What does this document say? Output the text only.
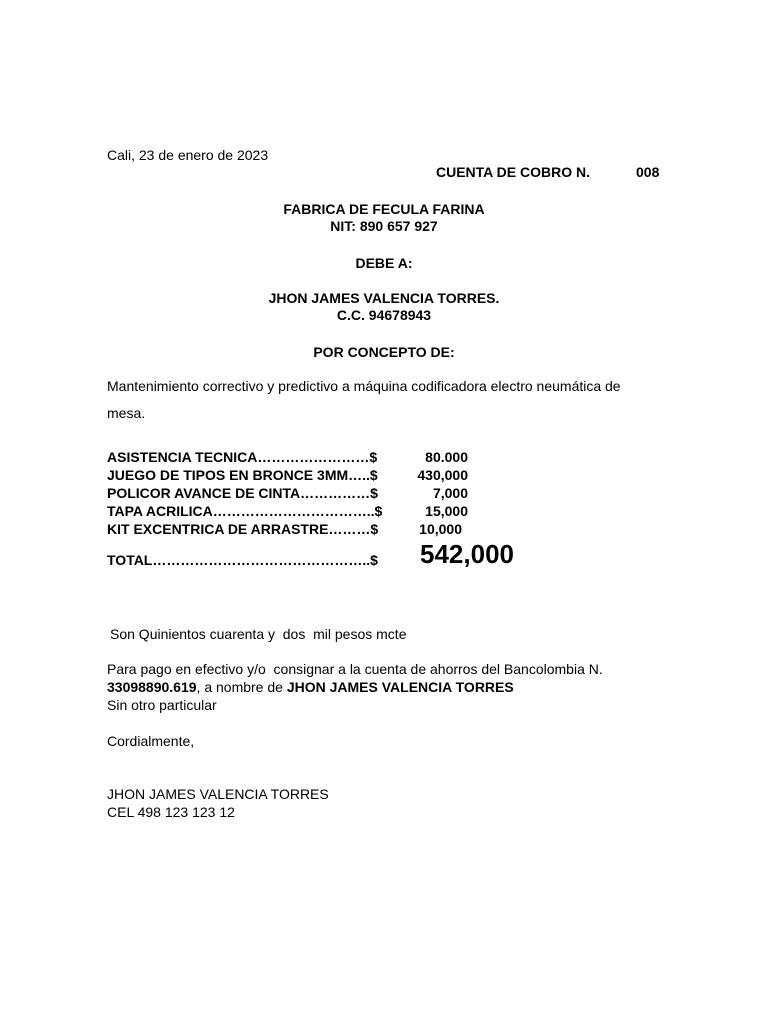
Cali, 23 de enero de 2023
CUENTA DE COBRO N.	008
FABRICA DE FECULA FARINA
NIT: 890 657 927
DEBE A:
JHON JAMES VALENCIA TORRES.
C.C. 94678943
POR CONCEPTO DE:
Mantenimiento correctivo y predictivo a máquina codificadora electro neumática de
mesa.
ASISTENCIA TECNICA……………………$	80.000
JUEGO DE TIPOS EN BRONCE 3MM…..$	430,000
POLICOR AVANCE DE CINTA……………$	7,000
TAPA ACRILICA……………………………..$	15,000
KIT EXCENTRICA DE ARRASTRE………$	10,000
TOTAL………………………………………..$ 542,000
Son Quinientos cuarenta y  dos  mil pesos mcte
Para pago en efectivo y/o  consignar a la cuenta de ahorros del Bancolombia N.
33098890.619, a nombre de JHON JAMES VALENCIA TORRES
Sin otro particular
Cordialmente,
JHON JAMES VALENCIA TORRES
CEL 498 123 123 12
